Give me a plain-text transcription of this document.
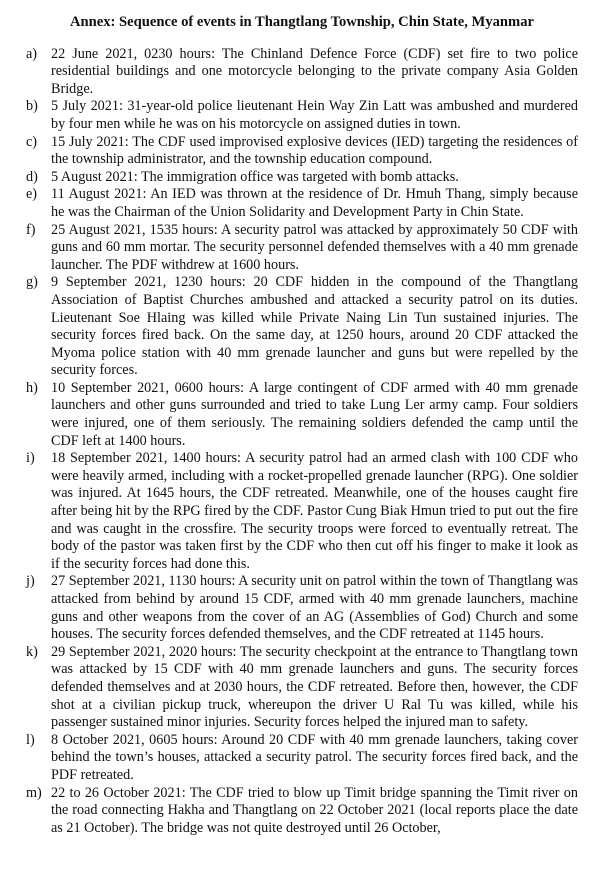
Annex: Sequence of events in Thangtlang Township, Chin State, Myanmar
a) 22 June 2021, 0230 hours: The Chinland Defence Force (CDF) set fire to two police residential buildings and one motorcycle belonging to the private company Asia Golden Bridge.
b) 5 July 2021: 31-year-old police lieutenant Hein Way Zin Latt was ambushed and murdered by four men while he was on his motorcycle on assigned duties in town.
c) 15 July 2021: The CDF used improvised explosive devices (IED) targeting the residences of the township administrator, and the township education compound.
d) 5 August 2021: The immigration office was targeted with bomb attacks.
e) 11 August 2021: An IED was thrown at the residence of Dr. Hmuh Thang, simply because he was the Chairman of the Union Solidarity and Development Party in Chin State.
f)	25 August 2021, 1535 hours: A security patrol was attacked by approximately 50 CDF with guns and 60 mm mortar. The security personnel defended themselves with a 40 mm grenade launcher. The PDF withdrew at 1600 hours.
g) 9 September 2021, 1230 hours: 20 CDF hidden in the compound of the Thangtlang Association of Baptist Churches ambushed and attacked a security patrol on its duties. Lieutenant Soe Hlaing was killed while Private Naing Lin Tun sustained injuries. The security forces fired back. On the same day, at 1250 hours, around 20 CDF attacked the Myoma police station with 40 mm grenade launcher and guns but were repelled by the security forces.
h) 10 September 2021, 0600 hours: A large contingent of CDF armed with 40 mm grenade launchers and other guns surrounded and tried to take Lung Ler army camp. Four soldiers were injured, one of them seriously. The remaining soldiers defended the camp until the CDF left at 1400 hours.
i)	18 September 2021, 1400 hours: A security patrol had an armed clash with 100 CDF who were heavily armed, including with a rocket-propelled grenade launcher (RPG). One soldier was injured. At 1645 hours, the CDF retreated. Meanwhile, one of the houses caught fire after being hit by the RPG fired by the CDF. Pastor Cung Biak Hmun tried to put out the fire and was caught in the crossfire. The security troops were forced to eventually retreat. The body of the pastor was taken first by the CDF who then cut off his finger to make it look as if the security forces had done this.
j)	27 September 2021, 1130 hours: A security unit on patrol within the town of Thangtlang was attacked from behind by around 15 CDF, armed with 40 mm grenade launchers, machine guns and other weapons from the cover of an AG (Assemblies of God) Church and some houses. The security forces defended themselves, and the CDF retreated at 1145 hours.
k) 29 September 2021, 2020 hours: The security checkpoint at the entrance to Thangtlang town was attacked by 15 CDF with 40 mm grenade launchers and guns. The security forces defended themselves and at 2030 hours, the CDF retreated. Before then, however, the CDF shot at a civilian pickup truck, whereupon the driver U Ral Tu was killed, while his passenger sustained minor injuries. Security forces helped the injured man to safety.
l)	8 October 2021, 0605 hours: Around 20 CDF with 40 mm grenade launchers, taking cover behind the town’s houses, attacked a security patrol. The security forces fired back, and the PDF retreated.
m) 22 to 26 October 2021: The CDF tried to blow up Timit bridge spanning the Timit river on the road connecting Hakha and Thangtlang on 22 October 2021 (local reports place the date as 21 October). The bridge was not quite destroyed until 26 October,
